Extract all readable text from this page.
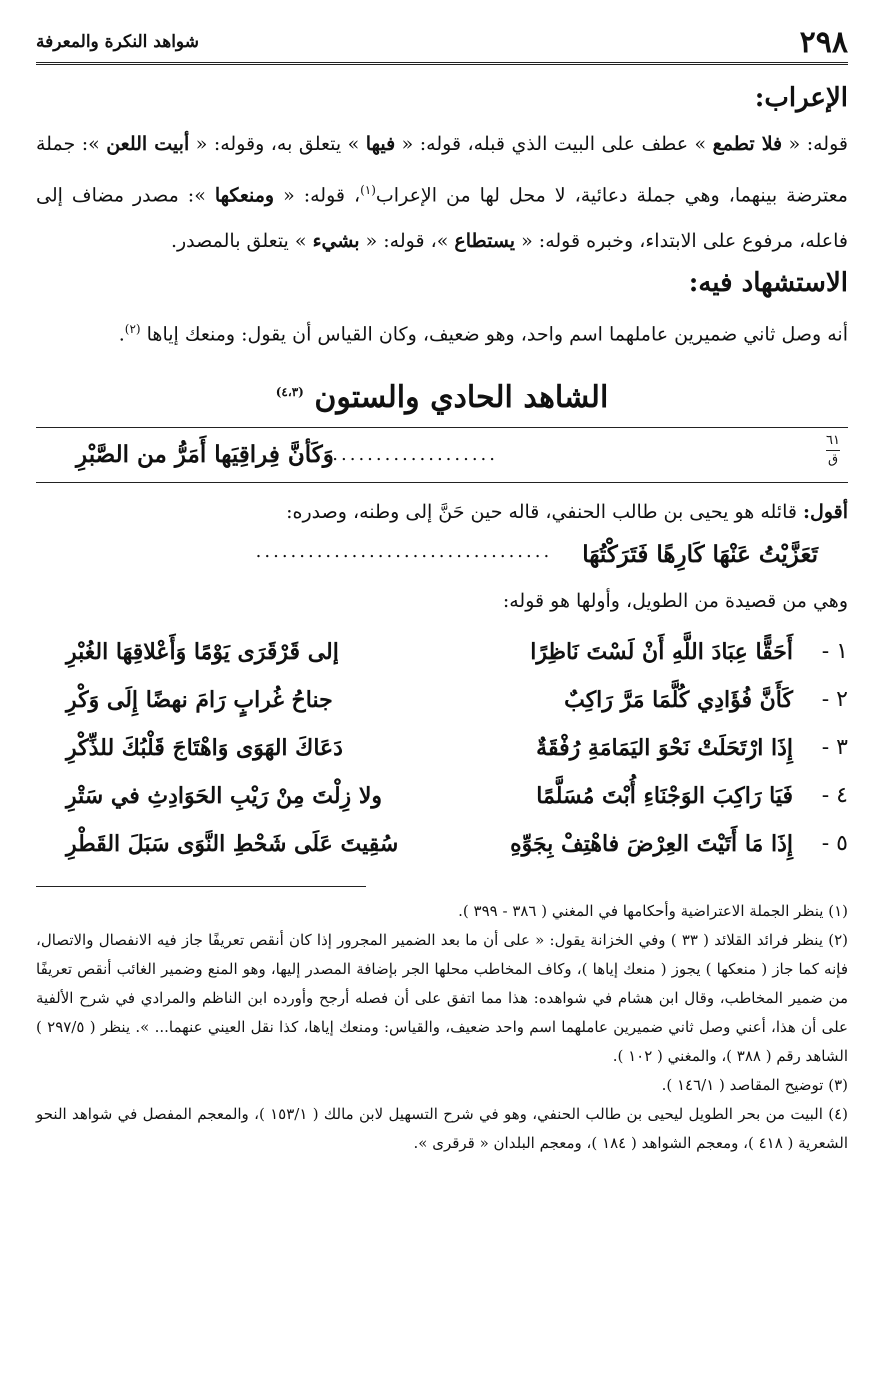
٢٩٨
شواهد النكرة والمعرفة
الإعراب:

قوله: « فلا تطمع » عطف على البيت الذي قبله، قوله: « فيها » يتعلق به، وقوله: « أبيت اللعن »: جملة معترضة بينهما، وهي جملة دعائية، لا محل لها من الإعراب$^{(١)}$، قوله: « ومنعكها »: مصدر مضاف إلى فاعله، مرفوع على الابتداء، وخبره قوله: « يستطاع »، قوله: « بشيء » يتعلق بالمصدر.

الاستشهاد فيه:

أنه وصل ثاني ضميرين عاملهما اسم واحد، وهو ضعيف، وكان القياس أن يقول: ومنعك إياها $^{(٢)}$.

الشاهد الحادي والستون $^{(٤،٣)}$
٦١
ق
........................
وَكَأنَّ فِراقِيَها أَمَرُّ من الصَّبْرِ

أقول: قائله هو يحيى بن طالب الحنفي، قاله حين حَنَّ إلى وطنه، وصدره:

تَعَزَّيْتُ عَنْهَا كَارِهًا فَتَرَكْتُهَا
..................................

وهي من قصيدة من الطويل، وأولها هو قوله:

١ -
أَحَقًّا عِبَادَ اللَّهِ أَنْ لَسْتَ نَاظِرًا
إلى قَرْقَرَى يَوْمًا وَأَعْلاقِهَا الغُبْرِ
٢ -
كَأَنَّ فُؤَادِي كُلَّمَا مَرَّ رَاكِبٌ
جناحُ غُرابٍ رَامَ نهضًا إِلَى وَكْرِ
٣ -
إِذَا ارْتَحَلَتْ نَحْوَ اليَمَامَةِ رُفْقَةٌ
دَعَاكَ الهَوَى وَاهْتَاجَ قَلْبُكَ للذِّكْرِ
٤ -
فَيَا رَاكِبَ الوَجْنَاءِ أُبْتَ مُسَلَّمًا
ولا زِلْتَ مِنْ رَيْبِ الحَوَادِثِ في سَتْرِ
٥ -
إِذَا مَا أَتَيْتَ العِرْضَ فاهْتِفْ بِجَوِّهِ
سُقِيتَ عَلَى شَحْطِ النَّوَى سَبَلَ القَطْرِ

(١) ينظر الجملة الاعتراضية وأحكامها في المغني ( ٣٨٦ - ٣٩٩ ).

(٢) ينظر فرائد القلائد ( ٣٣ ) وفي الخزانة يقول: « على أن ما بعد الضمير المجرور إذا كان أنقص تعريفًا جاز فيه الانفصال والاتصال، فإنه كما جاز ( منعكها ) يجوز ( منعك إياها )، وكاف المخاطب محلها الجر بإضافة المصدر إليها، وهو المنع وضمير الغائب أنقص تعريفًا من ضمير المخاطب، وقال ابن هشام في شواهده: هذا مما اتفق على أن فصله أرجح وأورده ابن الناظم والمرادي في شرح الألفية على أن هذا، أعني وصل ثاني ضميرين عاملهما اسم واحد ضعيف، والقياس: ومنعك إياها، كذا نقل العيني عنهما... ». ينظر ( ٢٩٧/٥ ) الشاهد رقم ( ٣٨٨ )، والمغني ( ١٠٢ ).

(٣) توضيح المقاصد ( ١٤٦/١ ).

(٤) البيت من بحر الطويل ليحيى بن طالب الحنفي، وهو في شرح التسهيل لابن مالك ( ١٥٣/١ )، والمعجم المفصل في شواهد النحو الشعرية ( ٤١٨ )، ومعجم الشواهد ( ١٨٤ )، ومعجم البلدان « قرقرى ».
